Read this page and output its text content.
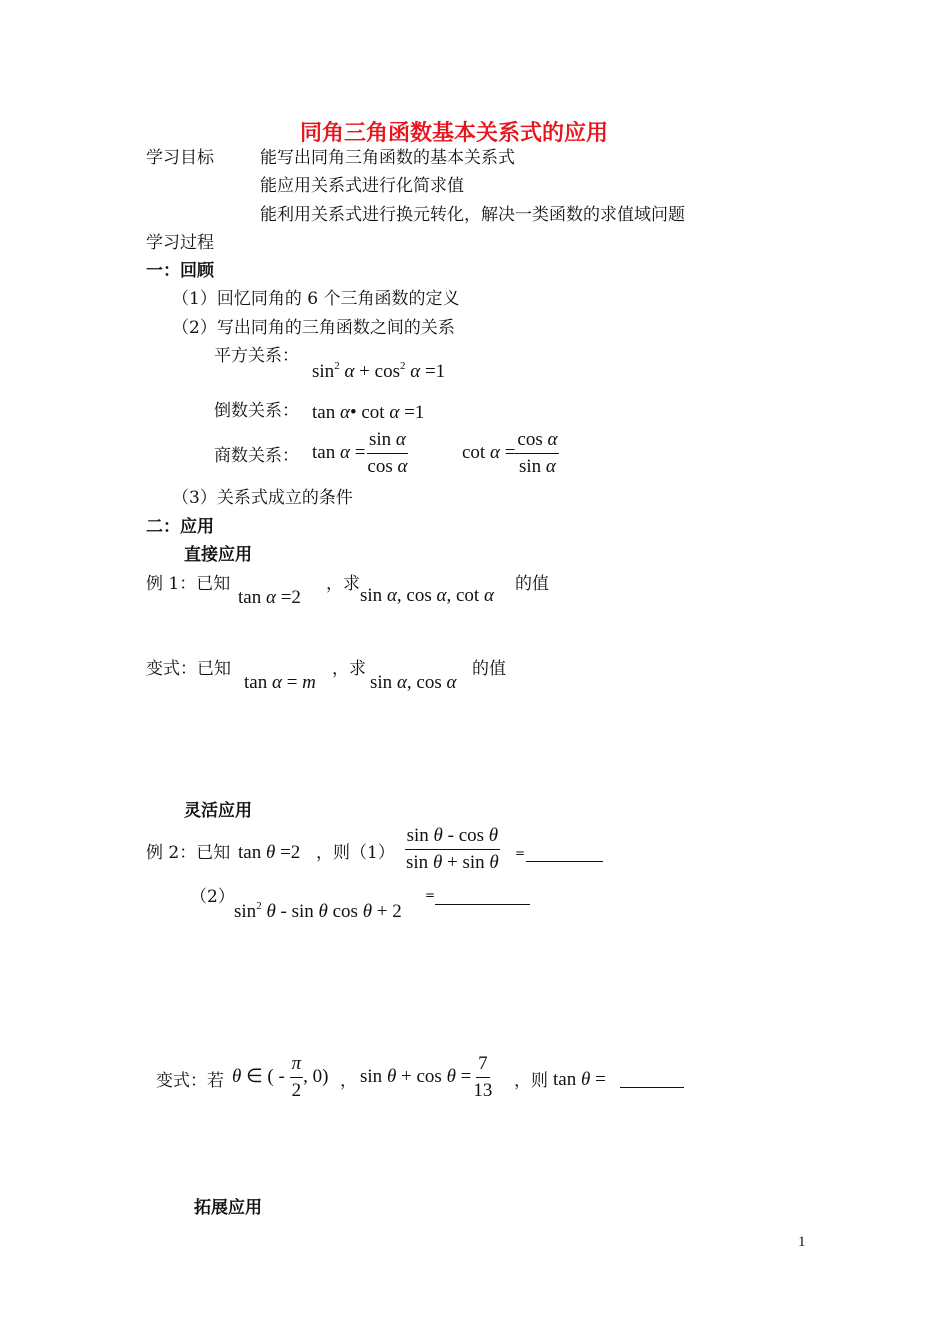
同角三角函数基本关系式的应用
学习目标	能写出同角三角函数的基本关系式
能应用关系式进行化简求值
能利用关系式进行换元转化，解决一类函数的求值域问题
学习过程
一：回顾
（1）回忆同角的 6 个三角函数的定义
（2）写出同角的三角函数之间的关系
平方关系：
$\sin^2 \alpha + \cos^2 \alpha =1$
倒数关系： tan α• cot α =1
商数关系： $\tan \alpha = \frac{\text{sin α}}{\text{cos α}}$	$\cot \alpha = \frac{\text{cos α}}{\text{sin α}}$
（3）关系式成立的条件
二：应用
直接应用
例 1：已知
tan α =2
，求
sin α, cos α, cot α
的值
变式：已知
tan α = m
，求
sin α, cos α
的值
灵活应用
例 2：已知 tan θ =2 ，则$(1) \frac{\text{sin θ - cos θ}}{\text{sin θ + sin θ}}$ =
（2）
$\sin^2 \theta$ - sin θ cos θ + 2
=
变式：若 θ ∈ ( - $\frac{\pi}{2}$ , 0) ， $\sin \theta + \cos \theta = \frac{7}{13}$ ，则 tan θ =
拓展应用
1
